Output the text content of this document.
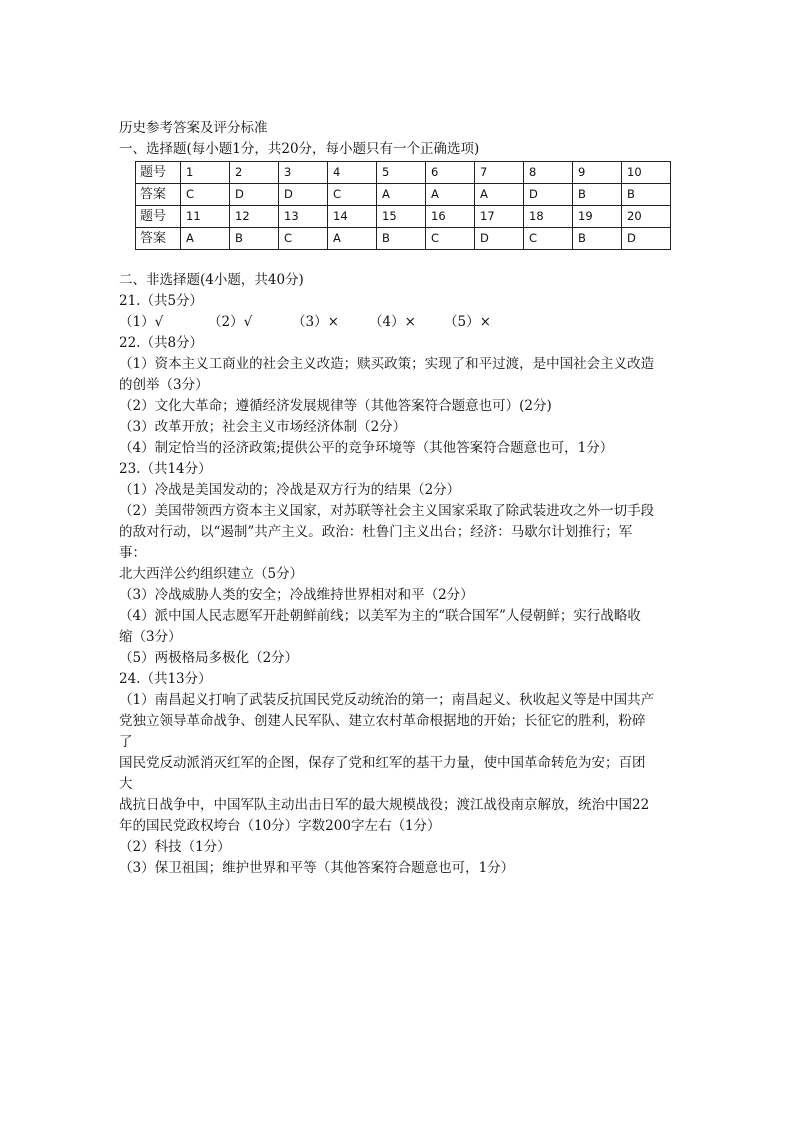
历史参考答案及评分标准
一、选择题(每小题1分，共20分，每小题只有一个正确选项)
题号	1	2	3	4	5	6	7	8	9	10
答案	C	D	D	C	A	A	A	D	B	B
题号	11	12	13	14	15	16	17	18	19	20
答案	A	B	C	A	B	C	D	C	B	D
二、非选择题(4小题，共40分)
21.（共5分）
（1）√	（2）√	（3）×	（4）×	（5）×
22.（共8分）
（1）资本主义工商业的社会主义改造；赎买政策；实现了和平过渡，是中国社会主义改造
的创举（3分）
（2）文化大革命；遵循经济发展规律等（其他答案符合题意也可）(2分)
（3）改革开放；社会主义市场经济体制（2分）
（4）制定恰当的泾济政策;提供公平的竞争环境等（其他答案符合题意也可，1分）
23.（共14分）
（1）冷战是美国发动的；冷战是双方行为的结果（2分）
（2）美国带领西方资本主义国家，对苏联等社会主义国家采取了除武装进攻之外一切手段
的敌对行动，以“遏制”共产主义。政治：杜鲁门主义出台；经济：马歇尔计划推行；军
事：
北大西洋公约组织建立（5分）
（3）冷战威胁人类的安全；冷战维持世界相对和平（2分）
（4）派中国人民志愿军开赴朝鲜前线；以美军为主的“联合国军”人侵朝鲜；实行战略收
缩（3分）
（5）两极格局多极化（2分）
24.（共13分）
（1）南昌起义打响了武装反抗国民党反动统治的第一；南昌起义、秋收起义等是中国共产
党独立领导革命战争、创建人民军队、建立农村革命根据地的开始；长征它的胜利，粉碎
了
国民党反动派消灭红军的企图，保存了党和红军的基干力量，使中国革命转危为安；百团
大
战抗日战争中，中国军队主动出击日军的最大规模战役；渡江战役南京解放，统治中国22
年的国民党政权垮台（10分）字数200字左右（1分）
（2）科技（1分）
（3）保卫祖国；维护世界和平等（其他答案符合题意也可，1分）
